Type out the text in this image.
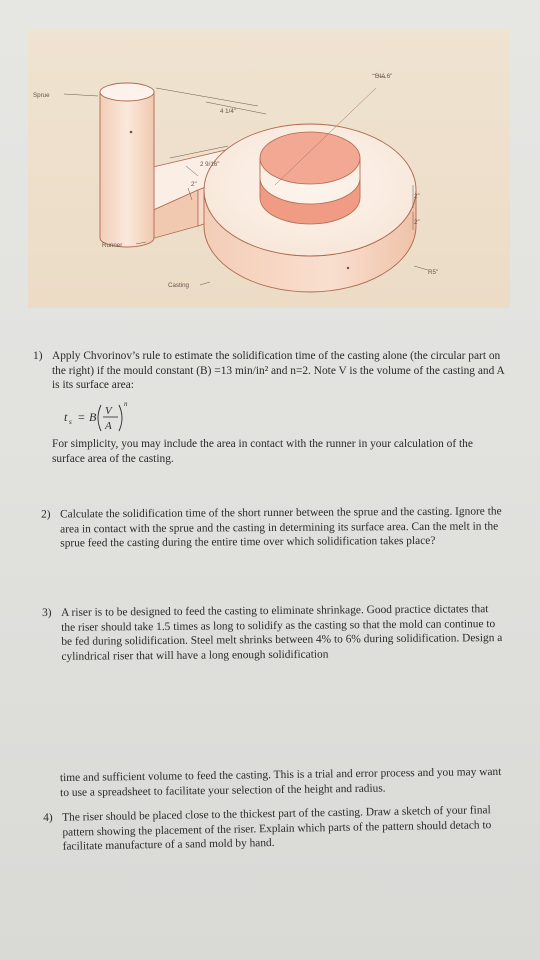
Sprue
DIA 6"
4 1/4"
2 9/16"
2"
2"
2"
Runner
R5"
Casting
1) Apply Chvorinov’s rule to estimate the solidification time of the casting alone (the circular part on the right) if the mould constant (B) =13 min/in² and n=2. Note V is the volume of the casting and A is its surface area:
t s = B V
A
n
For simplicity, you may include the area in contact with the runner in your calculation of the surface area of the casting.
2) Calculate the solidification time of the short runner between the sprue and the casting. Ignore the area in contact with the sprue and the casting in determining its surface area. Can the melt in the sprue feed the casting during the entire time over which solidification takes place?
3) A riser is to be designed to feed the casting to eliminate shrinkage. Good practice dictates that the riser should take 1.5 times as long to solidify as the casting so that the mold can continue to be fed during solidification. Steel melt shrinks between 4% to 6% during solidification. Design a cylindrical riser that will have a long enough solidification
time and sufficient volume to feed the casting. This is a trial and error process and you may want to use a spreadsheet to facilitate your selection of the height and radius.
4) The riser should be placed close to the thickest part of the casting. Draw a sketch of your final pattern showing the placement of the riser. Explain which parts of the pattern should detach to facilitate manufacture of a sand mold by hand.
